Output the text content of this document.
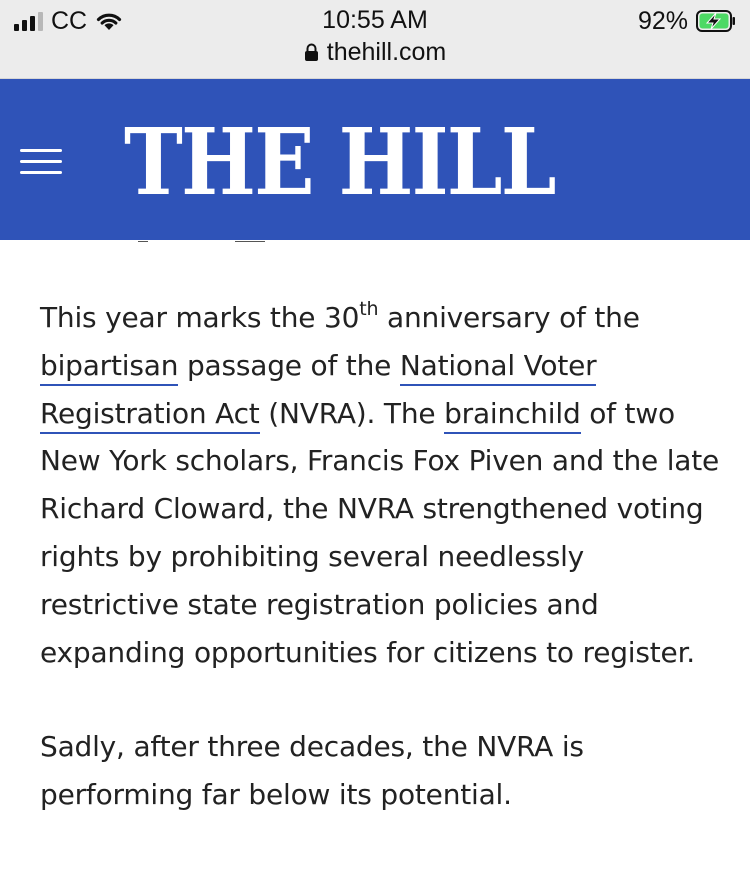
CC	10:55 AM	92%
thehill.com
THE HILL

This year marks the 30th anniversary of the bipartisan passage of the National Voter Registration Act (NVRA). The brainchild of two New York scholars, Francis Fox Piven and the late Richard Cloward, the NVRA strengthened voting rights by prohibiting several needlessly restrictive state registration policies and expanding opportunities for citizens to register.

Sadly, after three decades, the NVRA is performing far below its potential.
